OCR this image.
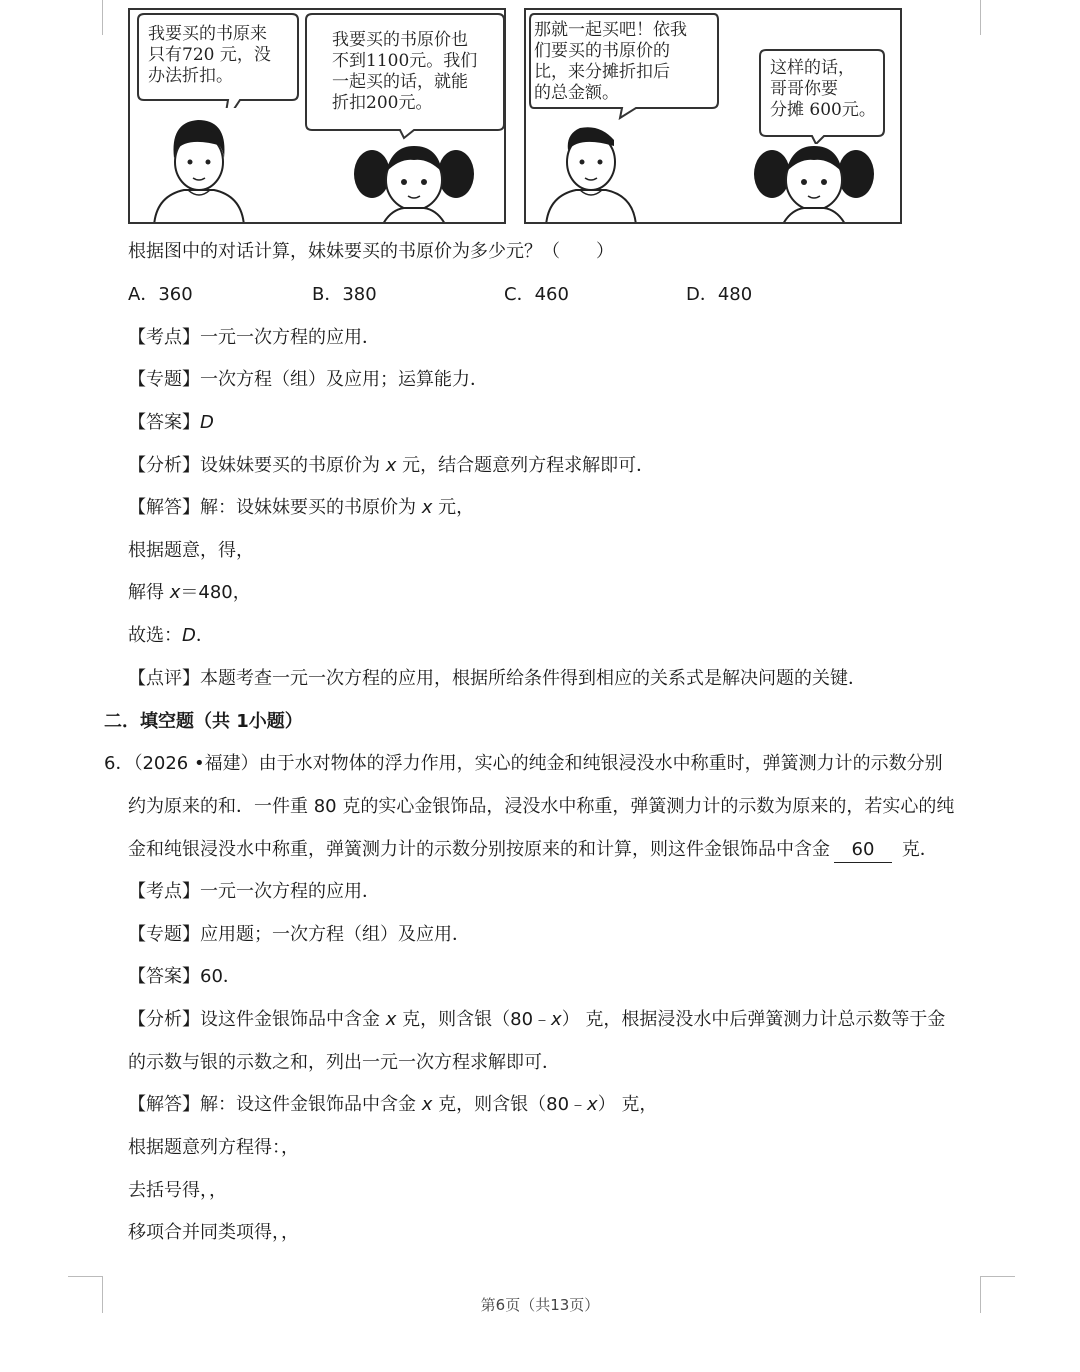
我要买的书原来
只有720 元，没
办法折扣。
我要买的书原价也
不到1100元。我们
一起买的话，就能
折扣200元。
那就一起买吧！依我
们要买的书原价的
比，来分摊折扣后
的总金额。
这样的话，
哥哥你要
分摊 600元。
根据图中的对话计算，妹妹要买的书原价为多少元？（　　）
A．360	B．380	C．460	D．480
【考点】一元一次方程的应用．
【专题】一次方程（组）及应用；运算能力．
【答案】D
【分析】设妹妹要买的书原价为 x 元，结合题意列方程求解即可．
【解答】解：设妹妹要买的书原价为 x 元，
根据题意，得，
解得 x＝480，
故选：D．
【点评】本题考查一元一次方程的应用，根据所给条件得到相应的关系式是解决问题的关键．
二．填空题（共 1小题）
6．（2026 •福建）由于水对物体的浮力作用，实心的纯金和纯银浸没水中称重时，弹簧测力计的示数分别
约为原来的和．一件重 80 克的实心金银饰品，浸没水中称重，弹簧测力计的示数为原来的，若实心的纯
金和纯银浸没水中称重，弹簧测力计的示数分别按原来的和计算，则这件金银饰品中含金 60 克．
【考点】一元一次方程的应用．
【专题】应用题；一次方程（组）及应用．
【答案】60．
【分析】设这件金银饰品中含金 x 克，则含银（80﹣x） 克，根据浸没水中后弹簧测力计总示数等于金
的示数与银的示数之和，列出一元一次方程求解即可．
【解答】解：设这件金银饰品中含金 x 克，则含银（80﹣x） 克，
根据题意列方程得：，
去括号得，，
移项合并同类项得，，
第6页（共13页）
